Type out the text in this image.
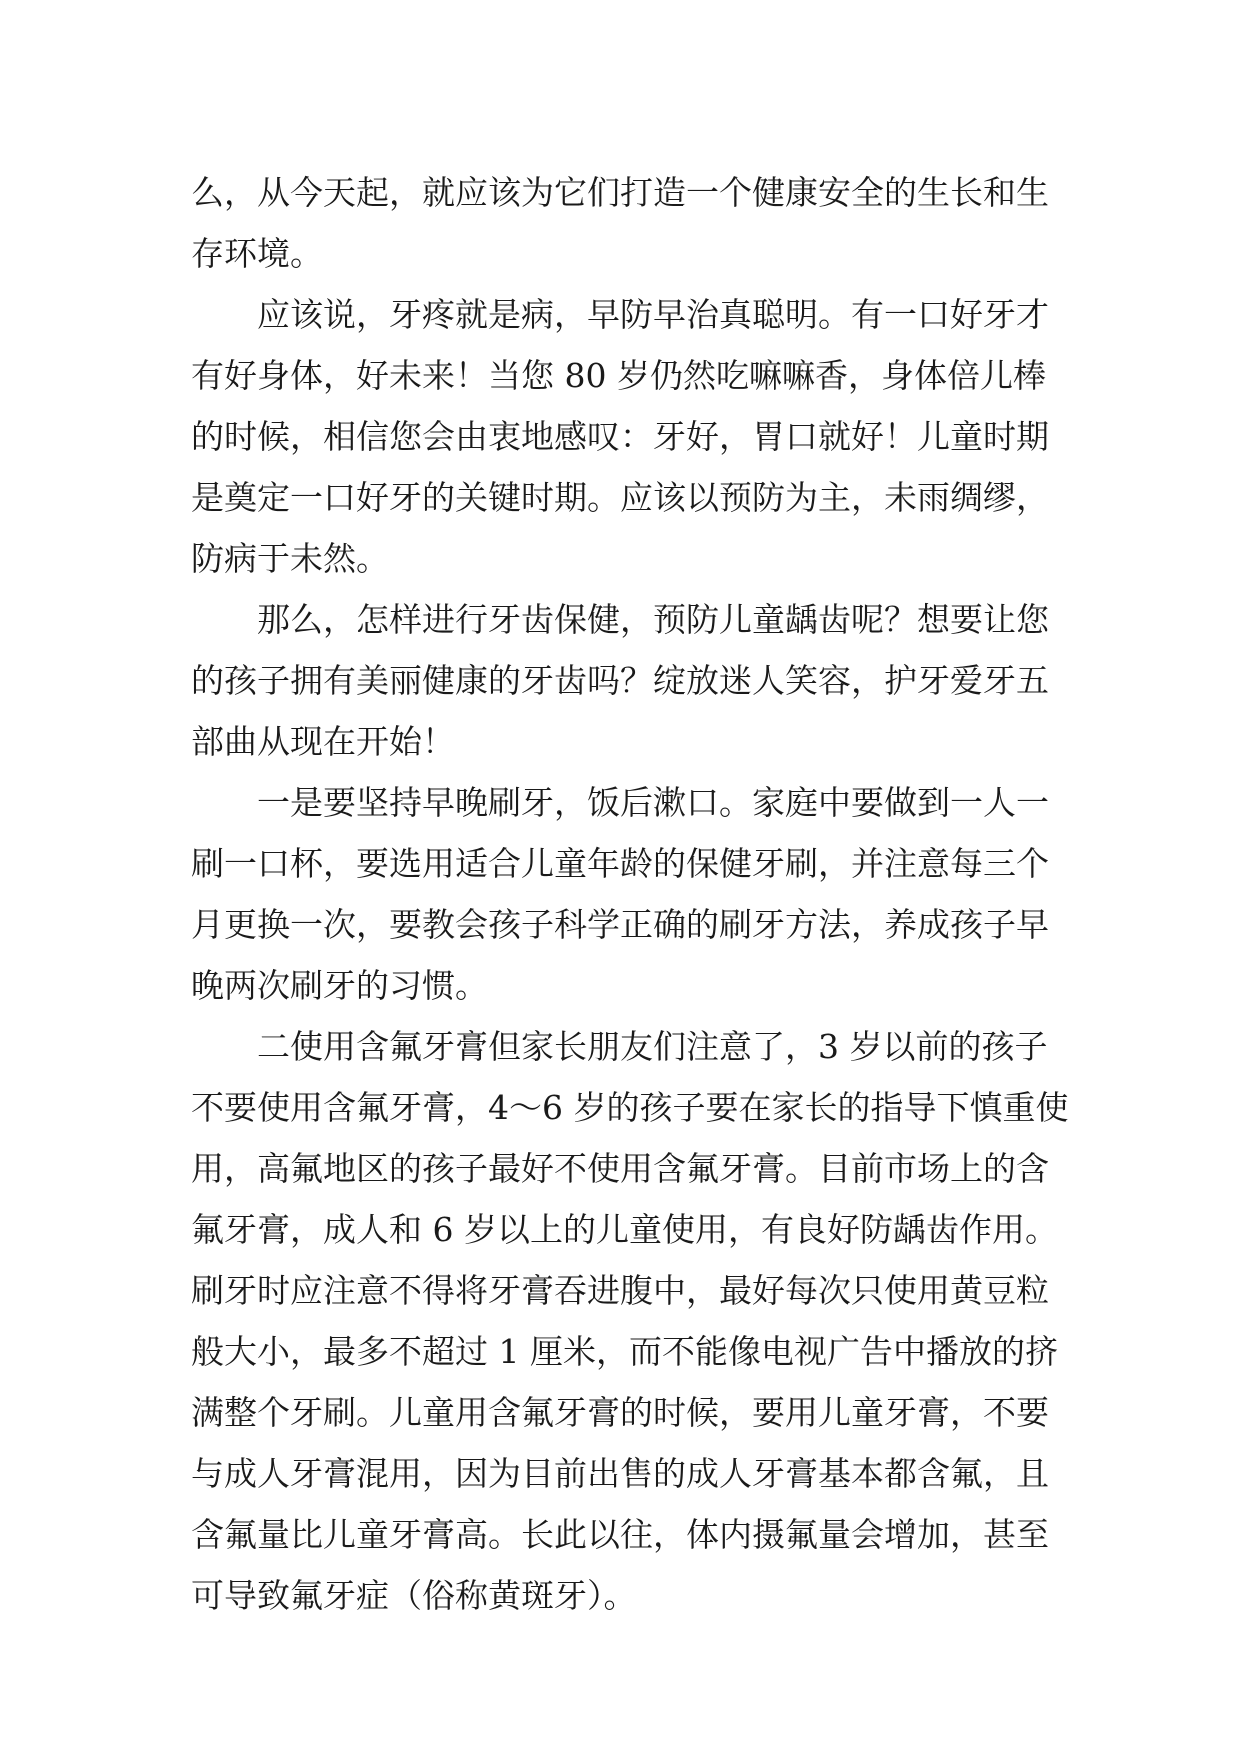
么，从今天起，就应该为它们打造一个健康安全的生长和生
存环境。
应该说，牙疼就是病，早防早治真聪明。有一口好牙才
有好身体，好未来！当您 80 岁仍然吃嘛嘛香，身体倍儿棒
的时候，相信您会由衷地感叹：牙好，胃口就好！儿童时期
是奠定一口好牙的关键时期。应该以预防为主，未雨绸缪，
防病于未然。
那么，怎样进行牙齿保健，预防儿童龋齿呢？想要让您
的孩子拥有美丽健康的牙齿吗？绽放迷人笑容，护牙爱牙五
部曲从现在开始！
一是要坚持早晚刷牙，饭后漱口。家庭中要做到一人一
刷一口杯，要选用适合儿童年龄的保健牙刷，并注意每三个
月更换一次，要教会孩子科学正确的刷牙方法，养成孩子早
晚两次刷牙的习惯。
二使用含氟牙膏但家长朋友们注意了，3 岁以前的孩子
不要使用含氟牙膏，4～6 岁的孩子要在家长的指导下慎重使
用，高氟地区的孩子最好不使用含氟牙膏。目前市场上的含
氟牙膏，成人和 6 岁以上的儿童使用，有良好防龋齿作用。
刷牙时应注意不得将牙膏吞进腹中，最好每次只使用黄豆粒
般大小，最多不超过 1 厘米，而不能像电视广告中播放的挤
满整个牙刷。儿童用含氟牙膏的时候，要用儿童牙膏，不要
与成人牙膏混用，因为目前出售的成人牙膏基本都含氟，且
含氟量比儿童牙膏高。长此以往，体内摄氟量会增加，甚至
可导致氟牙症（俗称黄斑牙）。
